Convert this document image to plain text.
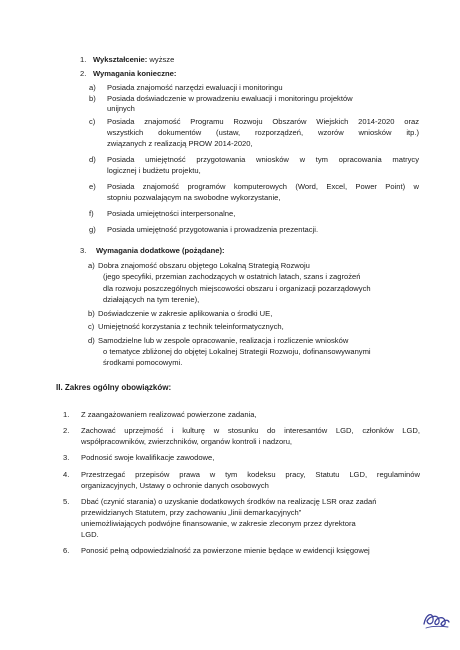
1. Wykształcenie: wyższe
2. Wymagania konieczne:
a) Posiada znajomość narzędzi ewaluacji i monitoringu
b) Posiada doświadczenie w prowadzeniu ewaluacji i monitoringu projektów
unijnych
c) Posiada znajomość Programu Rozwoju Obszarów Wiejskich 2014-2020 oraz
wszystkich dokumentów (ustaw, rozporządzeń, wzorów wniosków itp.)
związanych z realizacją PROW 2014-2020,
d) Posiada umiejętność przygotowania wniosków w tym opracowania matrycy
logicznej i budżetu projektu,
e) Posiada znajomość programów komputerowych (Word, Excel, Power Point) w
stopniu pozwalającym na swobodne wykorzystanie,
f) Posiada umiejętności interpersonalne,
g) Posiada umiejętność przygotowania i prowadzenia prezentacji.
3. Wymagania dodatkowe (pożądane):
a) Dobra znajomość obszaru objętego Lokalną Strategią Rozwoju
(jego specyfiki, przemian zachodzących w ostatnich latach, szans i zagrożeń
dla rozwoju poszczególnych miejscowości obszaru i organizacji pozarządowych
działających na tym terenie),
b) Doświadczenie w zakresie aplikowania o środki UE,
c) Umiejętność korzystania z technik teleinformatycznych,
d) Samodzielne lub w zespole opracowanie, realizacja i rozliczenie wniosków
o tematyce zbliżonej do objętej Lokalnej Strategii Rozwoju, dofinansowywanymi
środkami pomocowymi.
II. Zakres ogólny obowiązków:
1. Z zaangażowaniem realizować powierzone zadania,
2. Zachować uprzejmość i kulturę w stosunku do interesantów LGD, członków LGD,
współpracowników, zwierzchników, organów kontroli i nadzoru,
3. Podnosić swoje kwalifikacje zawodowe,
4. Przestrzegać przepisów prawa w tym kodeksu pracy, Statutu LGD, regulaminów
organizacyjnych, Ustawy o ochronie danych osobowych
5. Dbać (czynić starania) o uzyskanie dodatkowych środków na realizację LSR oraz zadań
przewidzianych Statutem, przy zachowaniu „linii demarkacyjnych”
uniemożliwiających podwójne finansowanie, w zakresie zleconym przez dyrektora
LGD.
6. Ponosić pełną odpowiedzialność za powierzone mienie będące w ewidencji księgowej
